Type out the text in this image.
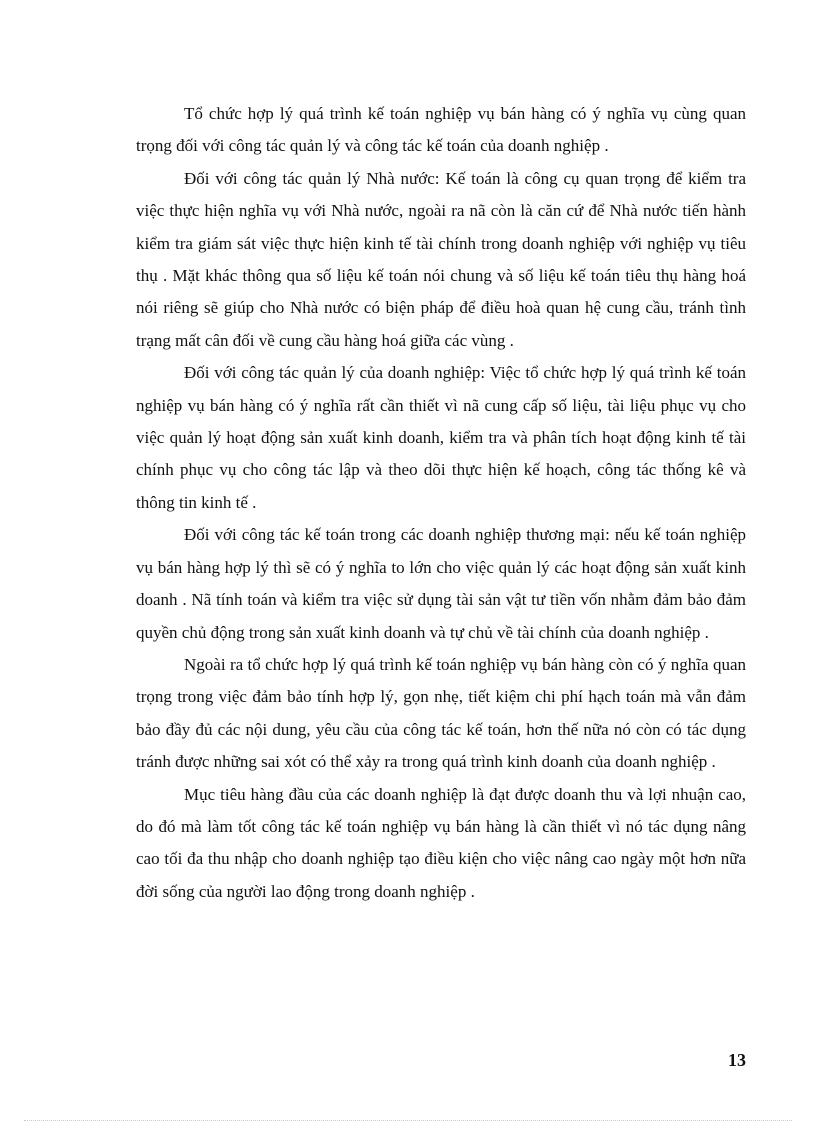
Tổ chức hợp lý quá trình kế toán nghiệp vụ bán hàng có ý nghĩa vụ cùng quan trọng đối với công tác quản lý và công tác kế toán của doanh nghiệp .

Đối với công tác quản lý Nhà nước: Kế toán là công cụ quan trọng để kiểm tra việc thực hiện nghĩa vụ với Nhà nước, ngoài ra nã còn là căn cứ để Nhà nước tiến hành kiểm tra giám sát việc thực hiện kinh tế tài chính trong doanh nghiệp với nghiệp vụ tiêu thụ . Mặt khác thông qua số liệu kế toán nói chung và số liệu kế toán tiêu thụ hàng hoá nói riêng sẽ giúp cho Nhà nước có biện pháp để điều hoà quan hệ cung cầu, tránh tình trạng mất cân đối về cung cầu hàng hoá giữa các vùng .

Đối với công tác quản lý của doanh nghiệp: Việc tổ chức hợp lý quá trình kế toán nghiệp vụ bán hàng có ý nghĩa rất cần thiết vì nã cung cấp số liệu, tài liệu phục vụ cho việc quản lý hoạt động sản xuất kinh doanh, kiểm tra và phân tích hoạt động kinh tế tài chính phục vụ cho công tác lập và theo dõi thực hiện kế hoạch, công tác thống kê và thông tin kinh tế .

Đối với công tác kế toán trong các doanh nghiệp thương mại: nếu kế toán nghiệp vụ bán hàng hợp lý thì sẽ có ý nghĩa to lớn cho việc quản lý các hoạt động sản xuất kinh doanh . Nã tính toán và kiểm tra việc sử dụng tài sản vật tư tiền vốn nhằm đảm bảo đảm quyền chủ động trong sản xuất kinh doanh và tự chủ về tài chính của doanh nghiệp .

Ngoài ra tổ chức hợp lý quá trình kế toán nghiệp vụ bán hàng còn có ý nghĩa quan trọng trong việc đảm bảo tính hợp lý, gọn nhẹ, tiết kiệm chi phí hạch toán mà vẫn đảm bảo đầy đủ các nội dung, yêu cầu của công tác kế toán, hơn thế nữa nó còn có tác dụng tránh được những sai xót có thể xảy ra trong quá trình kinh doanh của doanh nghiệp .

Mục tiêu hàng đầu của các doanh nghiệp là đạt được doanh thu và lợi nhuận cao, do đó mà làm tốt công tác kế toán nghiệp vụ bán hàng là cần thiết vì nó tác dụng nâng cao tối đa thu nhập cho doanh nghiệp tạo điều kiện cho việc nâng cao ngày một hơn nữa đời sống của người lao động trong doanh nghiệp .

13
